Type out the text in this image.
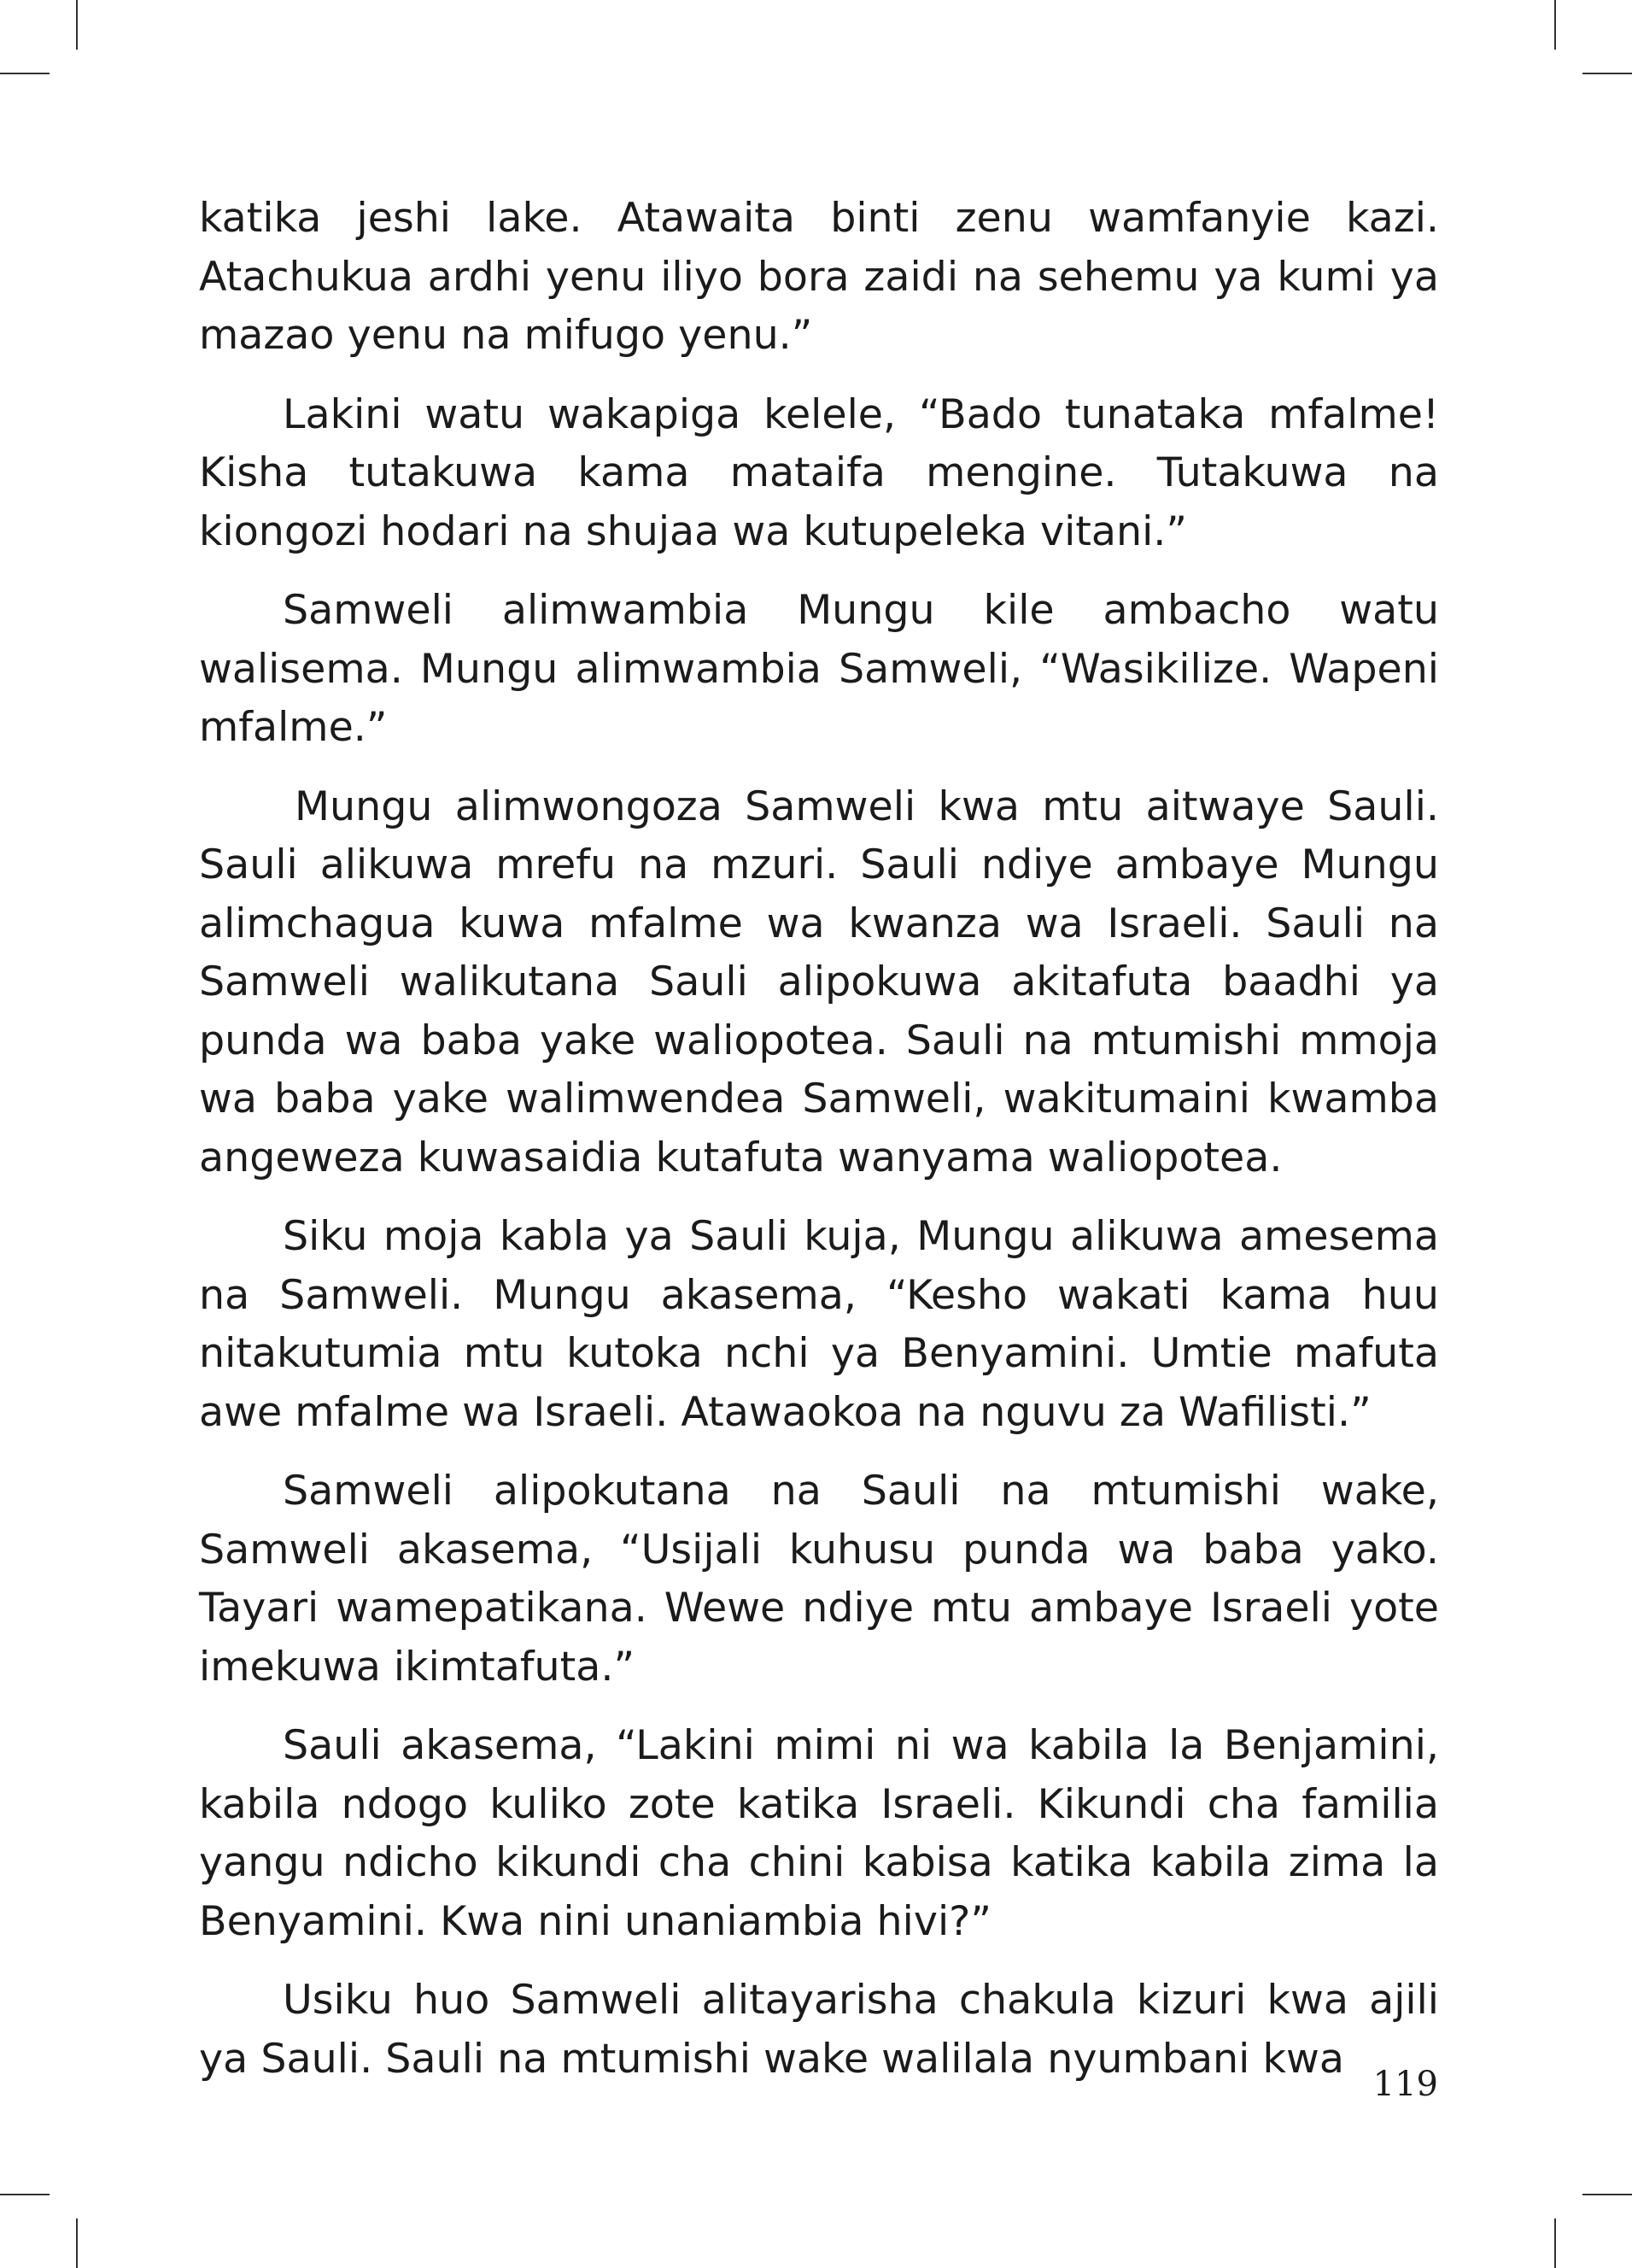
katika jeshi lake. Atawaita binti zenu wamfanyie kazi. Atachukua ardhi yenu iliyo bora zaidi na sehemu ya kumi ya mazao yenu na mifugo yenu.”

Lakini watu wakapiga kelele, “Bado tunataka mfalme! Kisha tutakuwa kama mataifa mengine. Tutakuwa na kiongozi hodari na shujaa wa kutupeleka vitani.”

Samweli alimwambia Mungu kile ambacho watu walisema. Mungu alimwambia Samweli, “Wasikilize. Wapeni mfalme.”

Mungu alimwongoza Samweli kwa mtu aitwaye Sauli. Sauli alikuwa mrefu na mzuri. Sauli ndiye ambaye Mungu alimchagua kuwa mfalme wa kwanza wa Israeli. Sauli na Samweli walikutana Sauli alipokuwa akitafuta baadhi ya punda wa baba yake waliopotea. Sauli na mtumishi mmoja wa baba yake walimwendea Samweli, wakitumaini kwamba angeweza kuwasaidia kutafuta wanyama waliopotea.

Siku moja kabla ya Sauli kuja, Mungu alikuwa amesema na Samweli. Mungu akasema, “Kesho wakati kama huu nitakutumia mtu kutoka nchi ya Benyamini. Umtie mafuta awe mfalme wa Israeli. Atawaokoa na nguvu za Wafilisti.”

Samweli alipokutana na Sauli na mtumishi wake, Samweli akasema, “Usijali kuhusu punda wa baba yako. Tayari wamepatikana. Wewe ndiye mtu ambaye Israeli yote imekuwa ikimtafuta.”

Sauli akasema, “Lakini mimi ni wa kabila la Benjamini, kabila ndogo kuliko zote katika Israeli. Kikundi cha familia yangu ndicho kikundi cha chini kabisa katika kabila zima la Benyamini. Kwa nini unaniambia hivi?”

Usiku huo Samweli alitayarisha chakula kizuri kwa ajili ya Sauli. Sauli na mtumishi wake walilala nyumbani kwa

119
